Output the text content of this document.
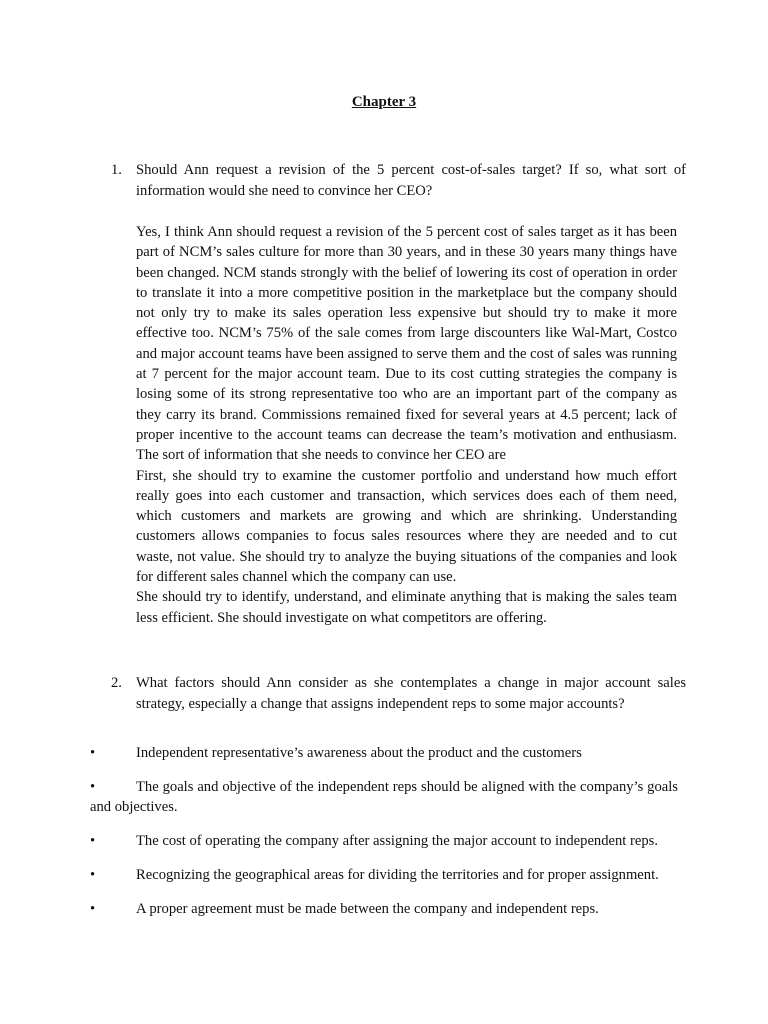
Chapter 3
1. Should Ann request a revision of the 5 percent cost-of-sales target? If so, what sort of information would she need to convince her CEO?

Yes, I think Ann should request a revision of the 5 percent cost of sales target as it has been part of NCM’s sales culture for more than 30 years, and in these 30 years many things have been changed. NCM stands strongly with the belief of lowering its cost of operation in order to translate it into a more competitive position in the marketplace but the company should not only try to make its sales operation less expensive but should try to make it more effective too. NCM’s 75% of the sale comes from large discounters like Wal-Mart, Costco and major account teams have been assigned to serve them and the cost of sales was running at 7 percent for the major account team. Due to its cost cutting strategies the company is losing some of its strong representative too who are an important part of the company as they carry its brand. Commissions remained fixed for several years at 4.5 percent; lack of proper incentive to the account teams can decrease the team’s motivation and enthusiasm. The sort of information that she needs to convince her CEO are

First, she should try to examine the customer portfolio and understand how much effort really goes into each customer and transaction, which services does each of them need, which customers and markets are growing and which are shrinking. Understanding customers allows companies to focus sales resources where they are needed and to cut waste, not value. She should try to analyze the buying situations of the companies and look for different sales channel which the company can use.

She should try to identify, understand, and eliminate anything that is making the sales team less efficient. She should investigate on what competitors are offering.

2. What factors should Ann consider as she contemplates a change in major account sales strategy, especially a change that assigns independent reps to some major accounts?
•	Independent representative’s awareness about the product and the customers
•	The goals and objective of the independent reps should be aligned with the company’s goals and objectives.
•	The cost of operating the company after assigning the major account to independent reps.
•	Recognizing the geographical areas for dividing the territories and for proper assignment.
•	A proper agreement must be made between the company and independent reps.
